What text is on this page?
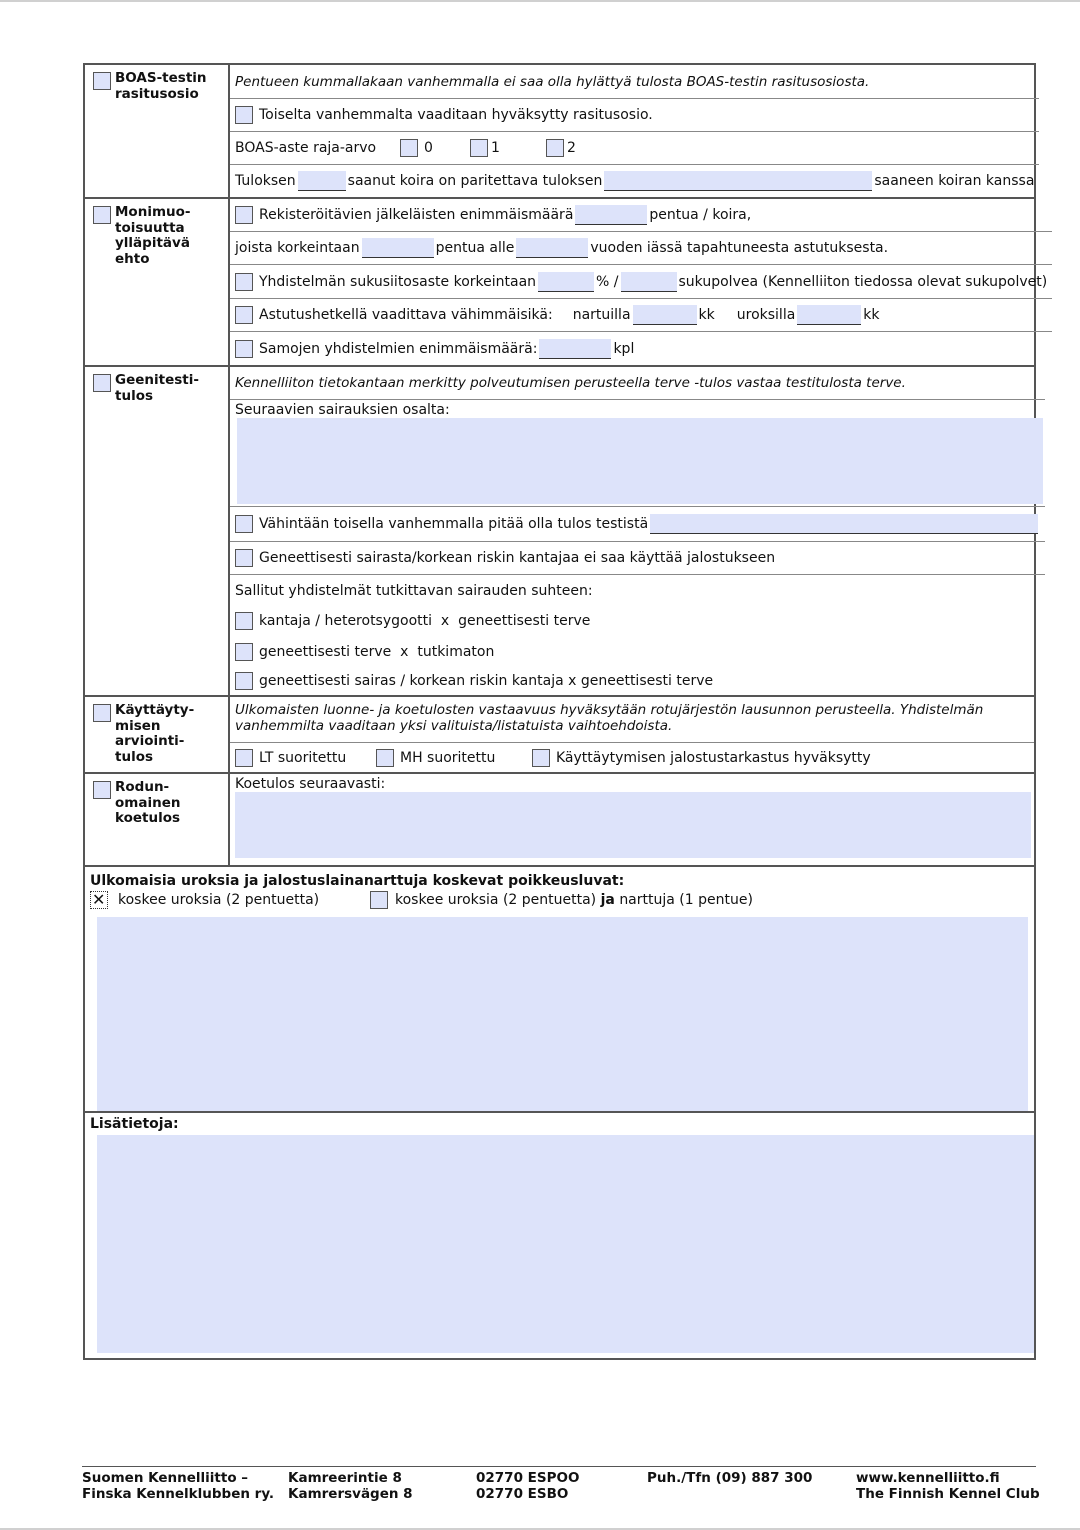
BOAS-testin rasitusosio
Pentueen kummallakaan vanhemmalla ei saa olla hylättyä tulosta BOAS-testin rasitusosiosta.
Toiselta vanhemmalta vaaditaan hyväksytty rasitusosio.
BOAS-aste raja-arvo	0	1	2
Tuloksen	saanut koira on paritettava tuloksen	saaneen koiran kanssa
Monimuo-toisuutta ylläpitävä ehto
Rekisteröitävien jälkeläisten enimmäismäärä	pentua / koira,
joista korkeintaan	pentua alle	vuoden iässä tapahtuneesta astutuksesta.
Yhdistelmän sukusiitosaste korkeintaan	% /	sukupolvea (Kennelliiton tiedossa olevat sukupolvet)
Astutushetkellä vaadittava vähimmäisikä: nartuilla	kk uroksilla	kk
Samojen yhdistelmien enimmäismäärä:	kpl
Geenitesti-tulos
Kennelliiton tietokantaan merkitty polveutumisen perusteella terve -tulos vastaa testitulosta terve.
Seuraavien sairauksien osalta:
Vähintään toisella vanhemmalla pitää olla tulos testistä
Geneettisesti sairasta/korkean riskin kantajaa ei saa käyttää jalostukseen
Sallitut yhdistelmät tutkittavan sairauden suhteen:
kantaja / heterotsygootti  x  geneettisesti terve
geneettisesti terve  x  tutkimaton
geneettisesti sairas / korkean riskin kantaja x geneettisesti terve
Käyttäyty-misen arviointi-tulos
Ulkomaisten luonne- ja koetulosten vastaavuus hyväksytään rotujärjestön lausunnon perusteella. Yhdistelmän
vanhemmilta vaaditaan yksi valituista/listatuista vaihtoehdoista.
LT suoritettu	MH suoritettu	Käyttäytymisen jalostustarkastus hyväksytty
Rodun-omainen koetulos
Koetulos seuraavasti:
Ulkomaisia uroksia ja jalostuslainanarttuja koskevat poikkeusluvat:
✕
koskee uroksia (2 pentuetta)	koskee uroksia (2 pentuetta) ja narttuja (1 pentue)
Lisätietoja:
Suomen Kennelliitto –
Finska Kennelklubben ry.
Kamreerintie 8
Kamrersvägen 8
02770 ESPOO
02770 ESBO
Puh./Tfn (09) 887 300	www.kennelliitto.fi
The Finnish Kennel Club
